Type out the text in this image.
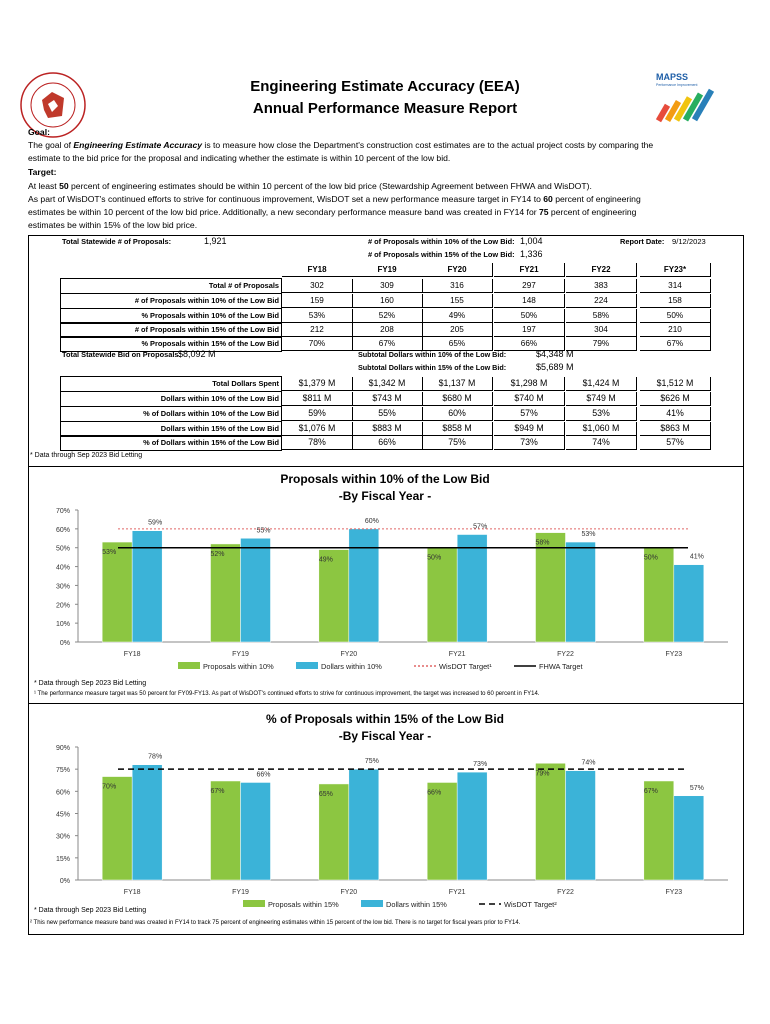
MAPSS
Performance Improvement
Engineering Estimate Accuracy (EEA)
Annual Performance Measure Report
Goal:
The goal of Engineering Estimate Accuracy is to measure how close the Department's construction cost estimates are to the actual project costs by comparing the
estimate to the bid price for the proposal and indicating whether the estimate is within 10 percent of the low bid.
Target:
At least 50 percent of engineering estimates should be within 10 percent of the low bid price (Stewardship Agreement between FHWA and WisDOT).
As part of WisDOT's continued efforts to strive for continuous improvement, WisDOT set a new performance measure target in FY14 to 60 percent of engineering
estimates be within 10 percent of the low bid price. Additionally, a new secondary performance measure band was created in FY14 for 75 percent of engineering
estimates be within 15% of the low bid price.
Total Statewide # of Proposals:	1,921	# of Proposals within 10% of the Low Bid: 1,004
# of Proposals within 15% of the Low Bid: 1,336
Report Date: 9/12/2023
FY18	FY19	FY20	FY21	FY22	FY23*
Total # of Proposals	302	309	316	297	383	314
# of Proposals within 10% of the Low Bid	159	160	155	148	224	158
% Proposals within 10% of the Low Bid	53%	52%	49%	50%	58%	50%
# of Proposals within 15% of the Low Bid	212	208	205	197	304	210
% Proposals within 15% of the Low Bid	70%	67%	65%	66%	79%	67%
Total Dollars Spent	$1,379 M	$1,342 M	$1,137 M	$1,298 M	$1,424 M	$1,512 M
Dollars within 10% of the Low Bid	$811 M	$743 M	$680 M	$740 M	$749 M	$626 M
% of Dollars within 10% of the Low Bid	59%	55%	60%	57%	53%	41%
Dollars within 15% of the Low Bid	$1,076 M	$883 M	$858 M	$949 M	$1,060 M	$863 M
% of Dollars within 15% of the Low Bid	78%	66%	75%	73%	74%	57%
Total Statewide Bid on Proposals:
$8,092 M	Subtotal Dollars within 10% of the Low Bid:	$4,348 M
Subtotal Dollars within 15% of the Low Bid:	$5,689 M
* Data through Sep 2023 Bid Letting
Proposals within 10% of the Low Bid
-By Fiscal Year -
0%
10%
20%
30%
40%
50%
60%
70%
FY18
53%
59%
FY19
52%
55%
FY20
49%
60%
FY21
50%
57%
FY22
58%
53%
FY23
50%	41%
Proposals within 10%	Dollars within 10%	WisDOT Target¹	FHWA Target
* Data through Sep 2023 Bid Letting
¹ The performance measure target was 50 percent for FY09-FY13. As part of WisDOT's continued efforts to strive for continuous improvement, the target was increased to 60 percent in FY14.
% of Proposals within 15% of the Low Bid
-By Fiscal Year -
0%
15%
30%
45%
60%
75%
90%
FY18
70%
78%
FY19
67%
66%
FY20
65%
75%
FY21
66%
73%
FY22
79%
74%
FY23
67%	57%
Proposals within 15%	Dollars within 15%	WisDOT Target²
* Data through Sep 2023 Bid Letting
² This new performance measure band was created in FY14 to track 75 percent of engineering estimates within 15 percent of the low bid. There is no target for fiscal years prior to FY14.
